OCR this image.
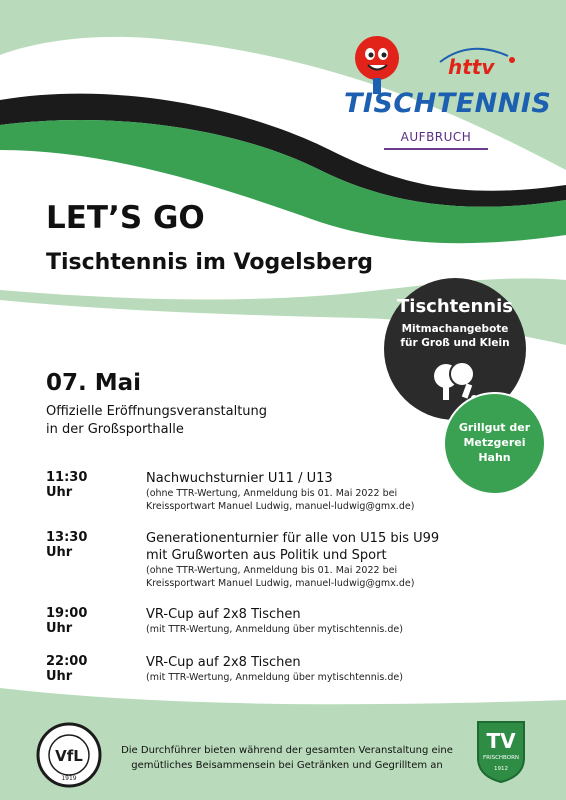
httv
TISCHTENNIS
AUFBRUCH
LET’S GO
Tischtennis im Vogelsberg
Tischtennis
Mitmachangebote
für Groß und Klein
Grillgut der
Metzgerei
Hahn
07. Mai
Offizielle Eröffnungsveranstaltung
in der Großsporthalle
11:30 Uhr
Nachwuchsturnier U11 / U13
(ohne TTR-Wertung, Anmeldung bis 01. Mai 2022 bei
Kreissportwart Manuel Ludwig, manuel-ludwig@gmx.de)
13:30 Uhr
Generationenturnier für alle von U15 bis U99
mit Grußworten aus Politik und Sport
(ohne TTR-Wertung, Anmeldung bis 01. Mai 2022 bei
Kreissportwart Manuel Ludwig, manuel-ludwig@gmx.de)
19:00 Uhr
VR-Cup auf 2x8 Tischen
(mit TTR-Wertung, Anmeldung über mytischtennis.de)
22:00 Uhr
VR-Cup auf 2x8 Tischen
(mit TTR-Wertung, Anmeldung über mytischtennis.de)
VfL
1919
Die Durchführer bieten während der gesamten Veranstaltung eine
gemütliches Beisammensein bei Getränken und Gegrilltem an
TV
FRISCHBORN
1912
